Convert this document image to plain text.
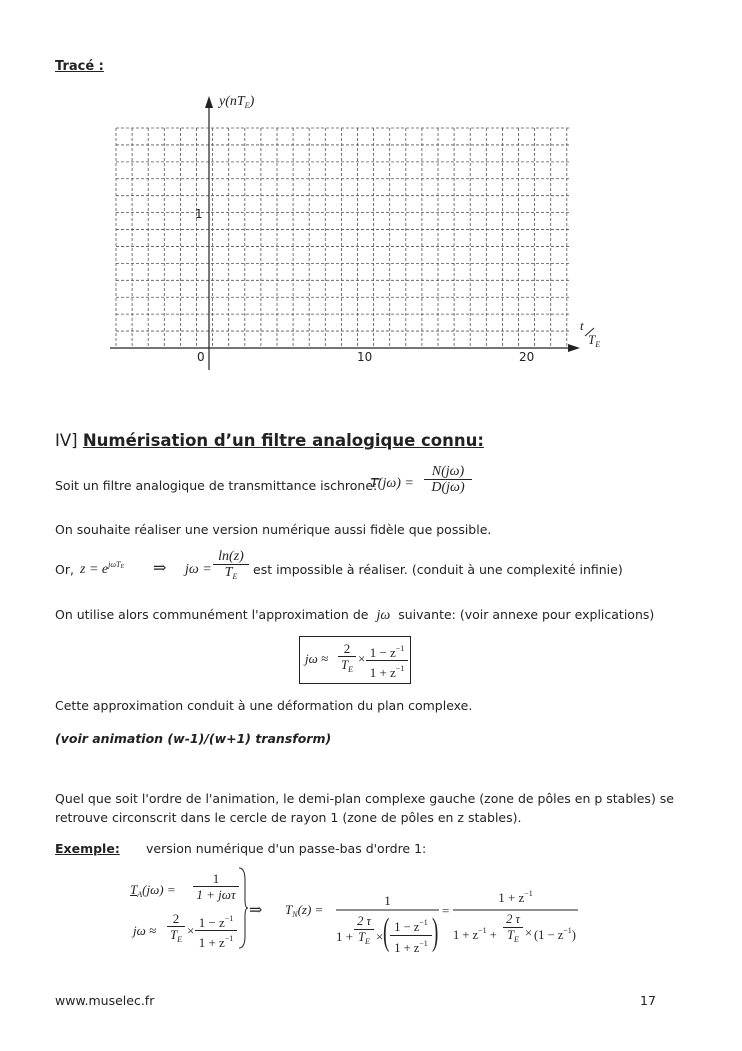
Tracé :
$y(nT_E)$
1
0	10	20
t
$T_E$
IV] Numérisation d’un filtre analogique connu:
Soit un filtre analogique de transmittance ischrone:
$T(j\omega) = \frac{N(j\omega)}{D(j\omega)}$
On souhaite réaliser une version numérique aussi fidèle que possible.
Or, $z = e^{j\omega TE}$ ⇒ $j\omega = \frac{\ln(z)}{T_E}$ est impossible à réaliser. (conduit à une complexité infinie)
On utilise alors communément l'approximation de jω suivante: (voir annexe pour explications)
$j\omega \approx \frac{2}{T_E} \times \frac{1 - z^{-1}}{1 + z^{-1}}$
Cette approximation conduit à une déformation du plan complexe.
(voir animation (w-1)/(w+1) transform)
Quel que soit l'ordre de l'animation, le demi-plan complexe gauche (zone de pôles en p stables) se
retrouve circonscrit dans le cercle de rayon 1 (zone de pôles en z stables).
Exemple: version numérique d'un passe-bas d'ordre 1:
$T_A(j\omega)$ =
1
1 + jωτ
$j\omega \approx \frac{2}{T_E} \times \frac{1 - z^{-1}}{1 + z^{-1}}$
⇒ $T_N(z)$ =
1
$1 + \frac{2 \tau}{T_E}$ × ( $\frac{1 - z^{-1}}{1 + z^{-1}}$ )
=
$1 + z^{-1}$
$1 + z^{-1} + \frac{2 \tau}{T_E} \times (1 - z^{-1})$
www.muselec.fr	17
